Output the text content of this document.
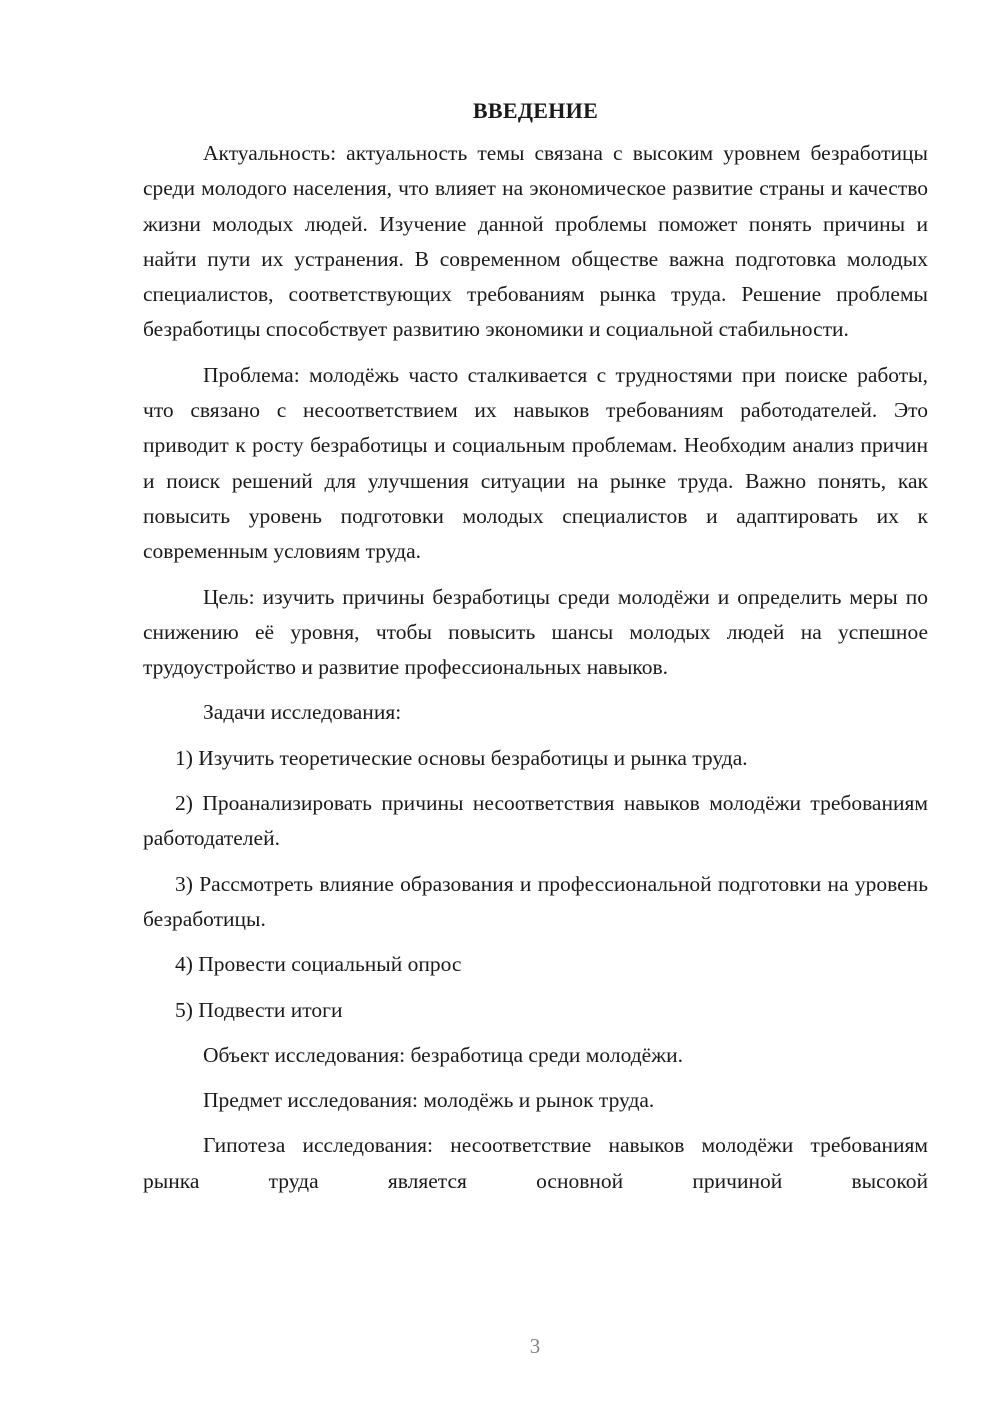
ВВЕДЕНИЕ

Актуальность: актуальность темы связана с высоким уровнем безработицы среди молодого населения, что влияет на экономическое развитие страны и качество жизни молодых людей. Изучение данной проблемы поможет понять причины и найти пути их устранения. В современном обществе важна подготовка молодых специалистов, соответствующих требованиям рынка труда. Решение проблемы безработицы способствует развитию экономики и социальной стабильности.

Проблема: молодёжь часто сталкивается с трудностями при поиске работы, что связано с несоответствием их навыков требованиям работодателей. Это приводит к росту безработицы и социальным проблемам. Необходим анализ причин и поиск решений для улучшения ситуации на рынке труда. Важно понять, как повысить уровень подготовки молодых специалистов и адаптировать их к современным условиям труда.

Цель: изучить причины безработицы среди молодёжи и определить меры по снижению её уровня, чтобы повысить шансы молодых людей на успешное трудоустройство и развитие профессиональных навыков.

Задачи исследования:

1) Изучить теоретические основы безработицы и рынка труда.

2) Проанализировать причины несоответствия навыков молодёжи требованиям работодателей.

3) Рассмотреть влияние образования и профессиональной подготовки на уровень безработицы.

4) Провести социальный опрос

5) Подвести итоги

Объект исследования: безработица среди молодёжи.

Предмет исследования: молодёжь и рынок труда.

Гипотеза исследования: несоответствие навыков молодёжи требованиям рынка труда является основной причиной высокой

3
